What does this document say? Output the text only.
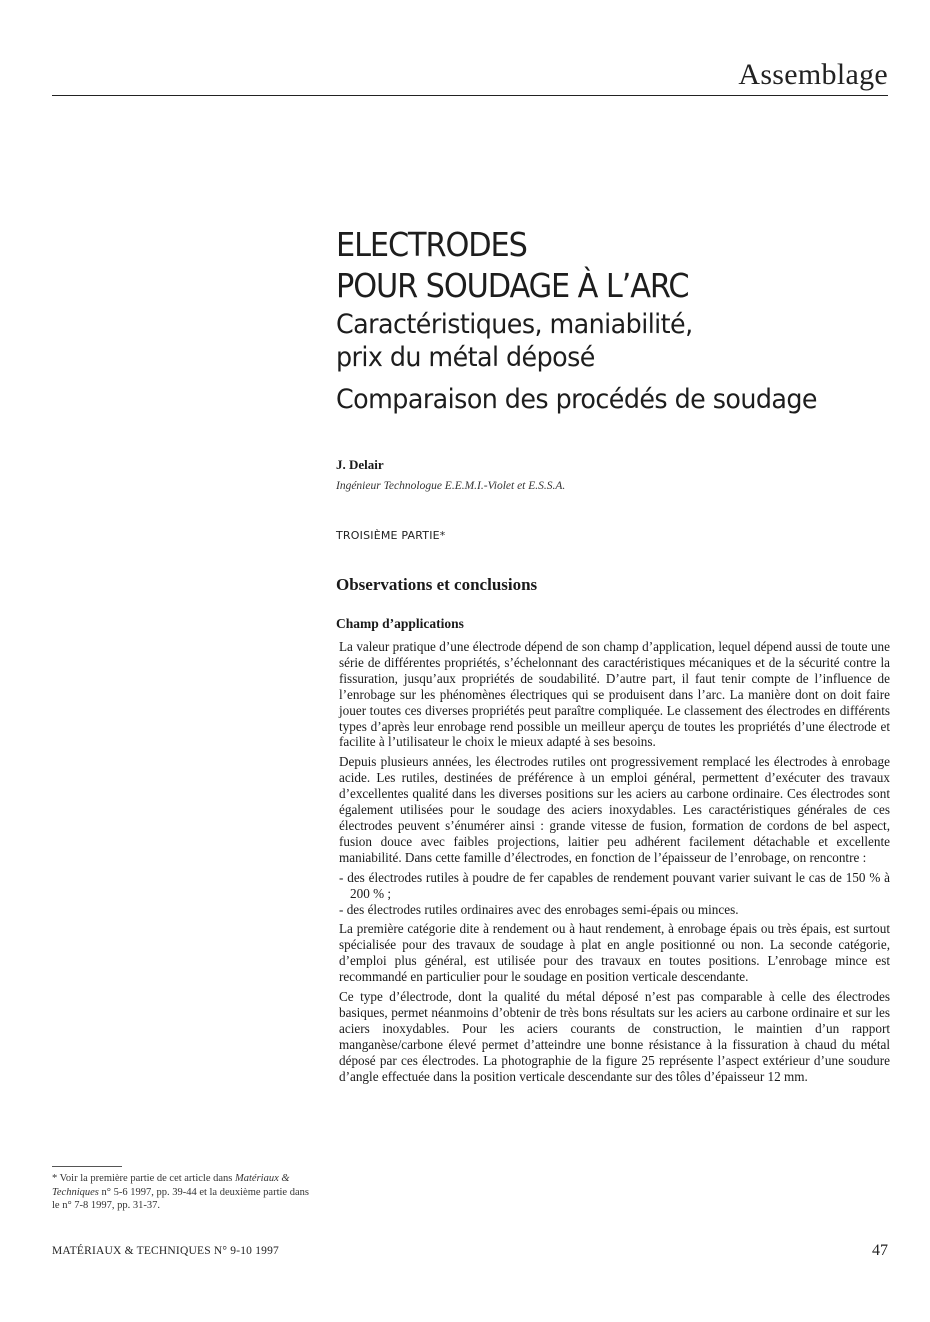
Assemblage
ELECTRODES
POUR SOUDAGE À L’ARC
Caractéristiques, maniabilité,
prix du métal déposé
Comparaison des procédés de soudage
J. Delair
Ingénieur Technologue E.E.M.I.-Violet et E.S.S.A.
TROISIÈME PARTIE*
Observations et conclusions
Champ d’applications

La valeur pratique d’une électrode dépend de son champ d’application, lequel dépend aussi de toute une série de différentes propriétés, s’échelonnant des caractéristiques mécaniques et de la sécurité contre la fissuration, jusqu’aux propriétés de soudabilité. D’autre part, il faut tenir compte de l’influence de l’enrobage sur les phénomènes électriques qui se produisent dans l’arc. La manière dont on doit faire jouer toutes ces diverses propriétés peut paraître compliquée. Le classement des électrodes en différents types d’après leur enrobage rend possible un meilleur aperçu de toutes les propriétés d’une électrode et facilite à l’utilisateur le choix le mieux adapté à ses besoins.

Depuis plusieurs années, les électrodes rutiles ont progressivement remplacé les électrodes à enrobage acide. Les rutiles, destinées de préférence à un emploi général, permettent d’exécuter des travaux d’excellentes qualité dans les diverses positions sur les aciers au carbone ordinaire. Ces électrodes sont également utilisées pour le soudage des aciers inoxydables. Les caractéristiques générales de ces électrodes peuvent s’énumérer ainsi : grande vitesse de fusion, formation de cordons de bel aspect, fusion douce avec faibles projections, laitier peu adhérent facilement détachable et excellente maniabilité. Dans cette famille d’électrodes, en fonction de l’épaisseur de l’enrobage, on rencontre :

- des électrodes rutiles à poudre de fer capables de rendement pouvant varier suivant le cas de 150 % à 200 % ;
- des électrodes rutiles ordinaires avec des enrobages semi-épais ou minces.

La première catégorie dite à rendement ou à haut rendement, à enrobage épais ou très épais, est surtout spécialisée pour des travaux de soudage à plat en angle positionné ou non. La seconde catégorie, d’emploi plus général, est utilisée pour des travaux en toutes positions. L’enrobage mince est recommandé en particulier pour le soudage en position verticale descendante.

Ce type d’électrode, dont la qualité du métal déposé n’est pas comparable à celle des électrodes basiques, permet néanmoins d’obtenir de très bons résultats sur les aciers au carbone ordinaire et sur les aciers inoxydables. Pour les aciers courants de construction, le maintien d’un rapport manganèse/carbone élevé permet d’atteindre une bonne résistance à la fissuration à chaud du métal déposé par ces électrodes. La photographie de la figure 25 représente l’aspect extérieur d’une soudure d’angle effectuée dans la position verticale descendante sur des tôles d’épaisseur 12 mm.

* Voir la première partie de cet article dans Matériaux & Techniques n° 5-6 1997, pp. 39-44 et la deuxième partie dans le n° 7-8 1997, pp. 31-37.
MATÉRIAUX & TECHNIQUES N° 9-10 1997	47
